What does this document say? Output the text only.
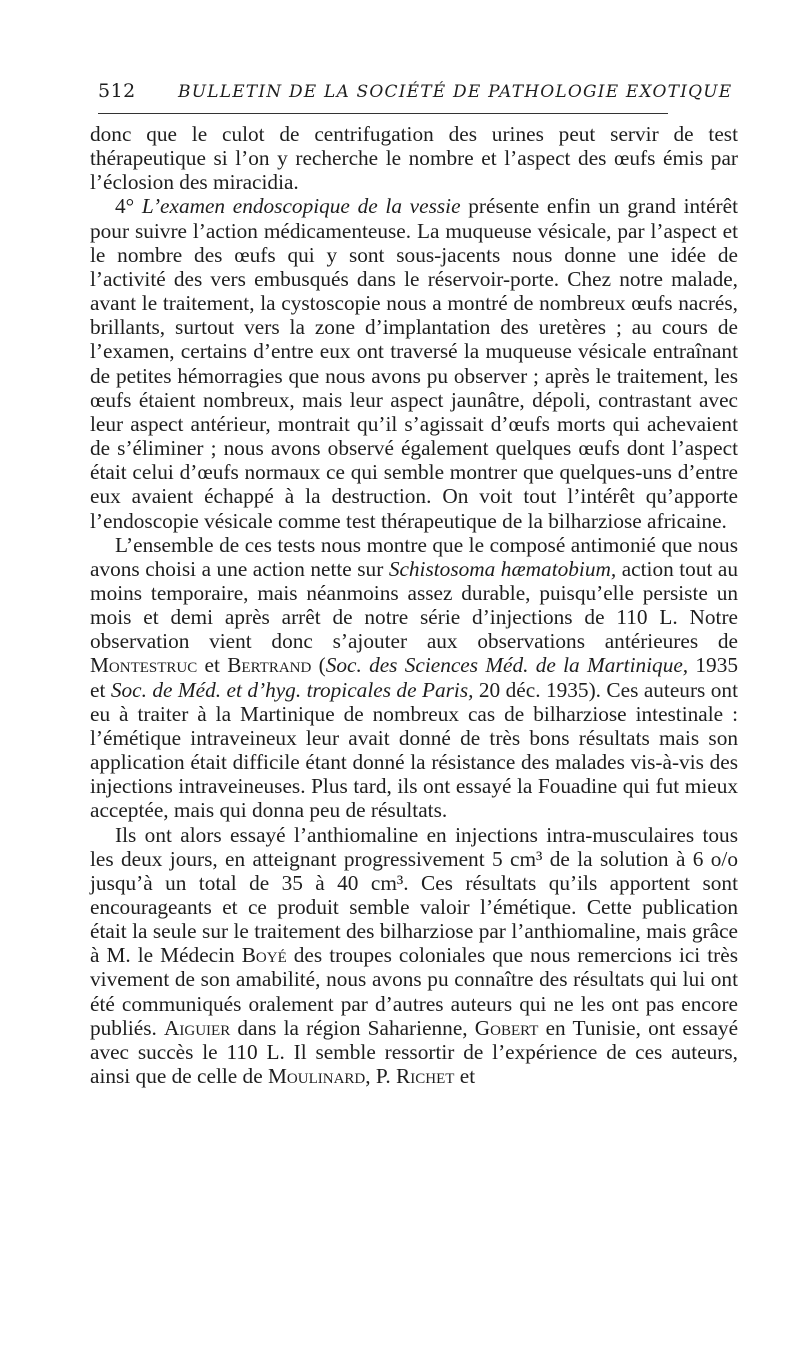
512 BULLETIN DE LA SOCIÉTÉ DE PATHOLOGIE EXOTIQUE

donc que le culot de centrifugation des urines peut servir de test thérapeutique si l’on y recherche le nombre et l’aspect des œufs émis par l’éclosion des miracidia.

4° L’examen endoscopique de la vessie présente enfin un grand intérêt pour suivre l’action médicamenteuse. La muqueuse vésicale, par l’aspect et le nombre des œufs qui y sont sous-jacents nous donne une idée de l’activité des vers embusqués dans le réservoir-porte. Chez notre malade, avant le traitement, la cystoscopie nous a montré de nombreux œufs nacrés, brillants, surtout vers la zone d’implantation des uretères ; au cours de l’examen, certains d’entre eux ont traversé la muqueuse vésicale entraînant de petites hémorragies que nous avons pu observer ; après le traitement, les œufs étaient nombreux, mais leur aspect jaunâtre, dépoli, contrastant avec leur aspect antérieur, montrait qu’il s’agissait d’œufs morts qui achevaient de s’éliminer ; nous avons observé également quelques œufs dont l’aspect était celui d’œufs normaux ce qui semble montrer que quelques-uns d’entre eux avaient échappé à la destruction. On voit tout l’intérêt qu’apporte l’endoscopie vésicale comme test thérapeutique de la bilharziose africaine.

L’ensemble de ces tests nous montre que le composé antimonié que nous avons choisi a une action nette sur Schistosoma hæmatobium, action tout au moins temporaire, mais néanmoins assez durable, puisqu’elle persiste un mois et demi après arrêt de notre série d’injections de 110 L. Notre observation vient donc s’ajouter aux observations antérieures de Montestruc et Bertrand (Soc. des Sciences Méd. de la Martinique, 1935 et Soc. de Méd. et d’hyg. tropicales de Paris, 20 déc. 1935). Ces auteurs ont eu à traiter à la Martinique de nombreux cas de bilharziose intestinale : l’émétique intraveineux leur avait donné de très bons résultats mais son application était difficile étant donné la résistance des malades vis-à-vis des injections intraveineuses. Plus tard, ils ont essayé la Fouadine qui fut mieux acceptée, mais qui donna peu de résultats.

Ils ont alors essayé l’anthiomaline en injections intra-musculaires tous les deux jours, en atteignant progressivement 5 cm³ de la solution à 6 o/o jusqu’à un total de 35 à 40 cm³. Ces résultats qu’ils apportent sont encourageants et ce produit semble valoir l’émétique. Cette publication était la seule sur le traitement des bilharziose par l’anthiomaline, mais grâce à M. le Médecin Boyé des troupes coloniales que nous remercions ici très vivement de son amabilité, nous avons pu connaître des résultats qui lui ont été communiqués oralement par d’autres auteurs qui ne les ont pas encore publiés. Aiguier dans la région Saharienne, Gobert en Tunisie, ont essayé avec succès le 110 L. Il semble ressortir de l’expérience de ces auteurs, ainsi que de celle de Moulinard, P. Richet et
